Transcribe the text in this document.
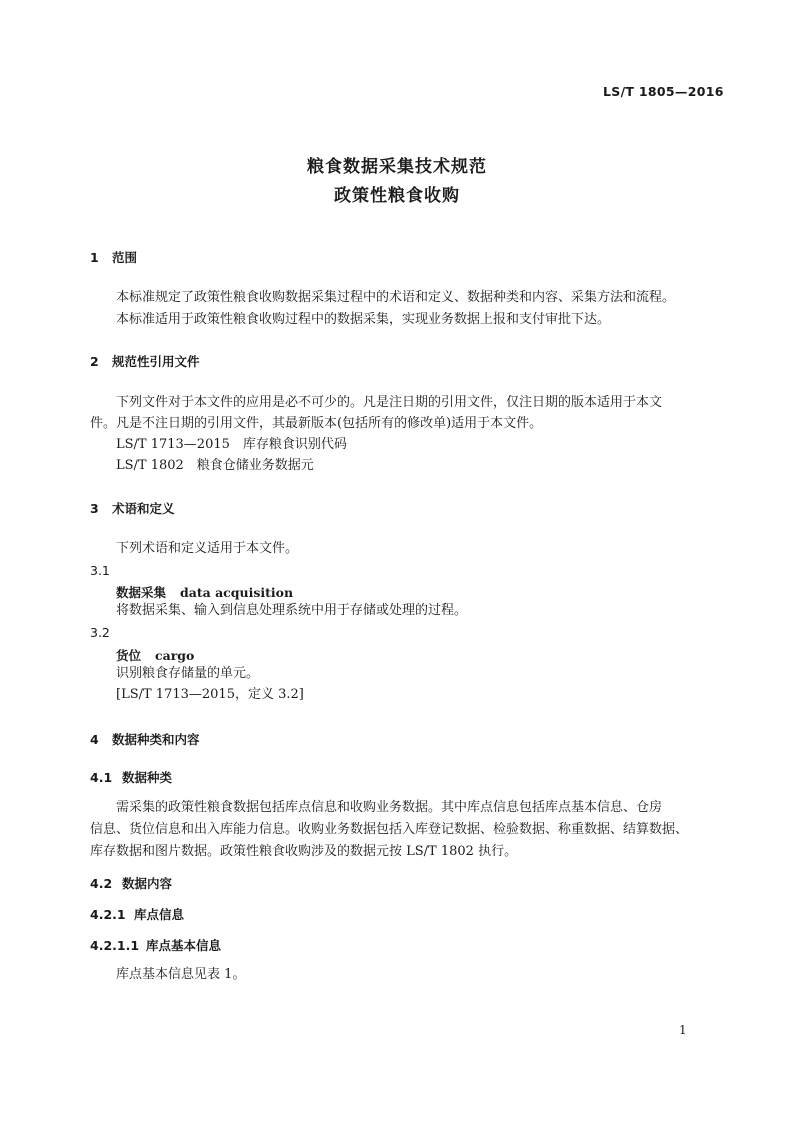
LS/T 1805—2016
粮食数据采集技术规范
政策性粮食收购
1 范围
本标准规定了政策性粮食收购数据采集过程中的术语和定义、数据种类和内容、采集方法和流程。
本标准适用于政策性粮食收购过程中的数据采集，实现业务数据上报和支付审批下达。
2 规范性引用文件
下列文件对于本文件的应用是必不可少的。凡是注日期的引用文件，仅注日期的版本适用于本文
件。凡是不注日期的引用文件，其最新版本(包括所有的修改单)适用于本文件。
LS/T 1713—2015　库存粮食识别代码
LS/T 1802　粮食仓储业务数据元
3 术语和定义
下列术语和定义适用于本文件。
3.1
数据采集 data acquisition
将数据采集、输入到信息处理系统中用于存储或处理的过程。
3.2
货位 cargo
识别粮食存储量的单元。
[LS/T 1713—2015，定义 3.2]
4 数据种类和内容
4.1 数据种类
需采集的政策性粮食数据包括库点信息和收购业务数据。其中库点信息包括库点基本信息、仓房
信息、货位信息和出入库能力信息。收购业务数据包括入库登记数据、检验数据、称重数据、结算数据、
库存数据和图片数据。政策性粮食收购涉及的数据元按 LS/T 1802 执行。
4.2 数据内容
4.2.1 库点信息
4.2.1.1 库点基本信息
库点基本信息见表 1。
1
